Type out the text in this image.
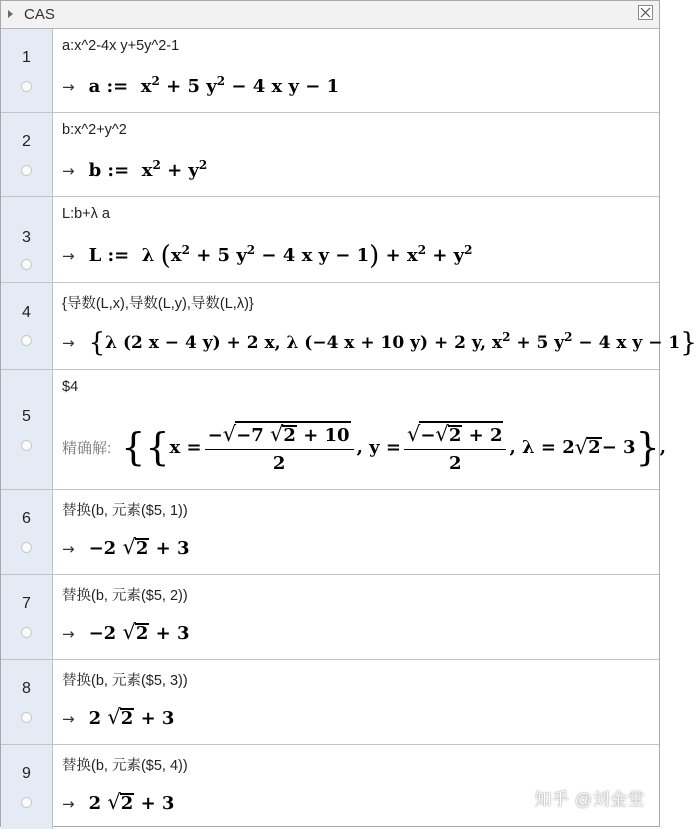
CAS
1
a:x^2-4x y+5y^2-1
→ a := $x^2 + 5$ $y^2 - 4$ x y − 1
2
b:x^2+y^2
→ b := $x^2 + y^2$
3
L:b+λ a
→ L := λ ($x^2 + 5$ $y^2 - 4$ x $y - 1) + x^2 + y^2$
4	{导数(L,x),导数(L,y),导数(L,λ)}
→ {λ (2 x − 4 y) + 2 x, λ (−4 x + 10 y) + 2 y, $x^2 + 5$ $y^2 - 4$ x y − 1}
5
$4
精确解: { { $x = \frac{-√-7 √2 + 10}{2}$ , $y = \frac{√-√2 + 2}{2}$ , λ = 2 √ 2 − 3 } ,
6	替换(b, 元素($5, 1))
→ −2 √2 + 3
7	替换(b, 元素($5, 2))
→ −2 √2 + 3
8	替换(b, 元素($5, 3))
→ 2 √2 + 3
9	替换(b, 元素($5, 4))
→ 2 √2 + 3	知乎 @刘金堂
